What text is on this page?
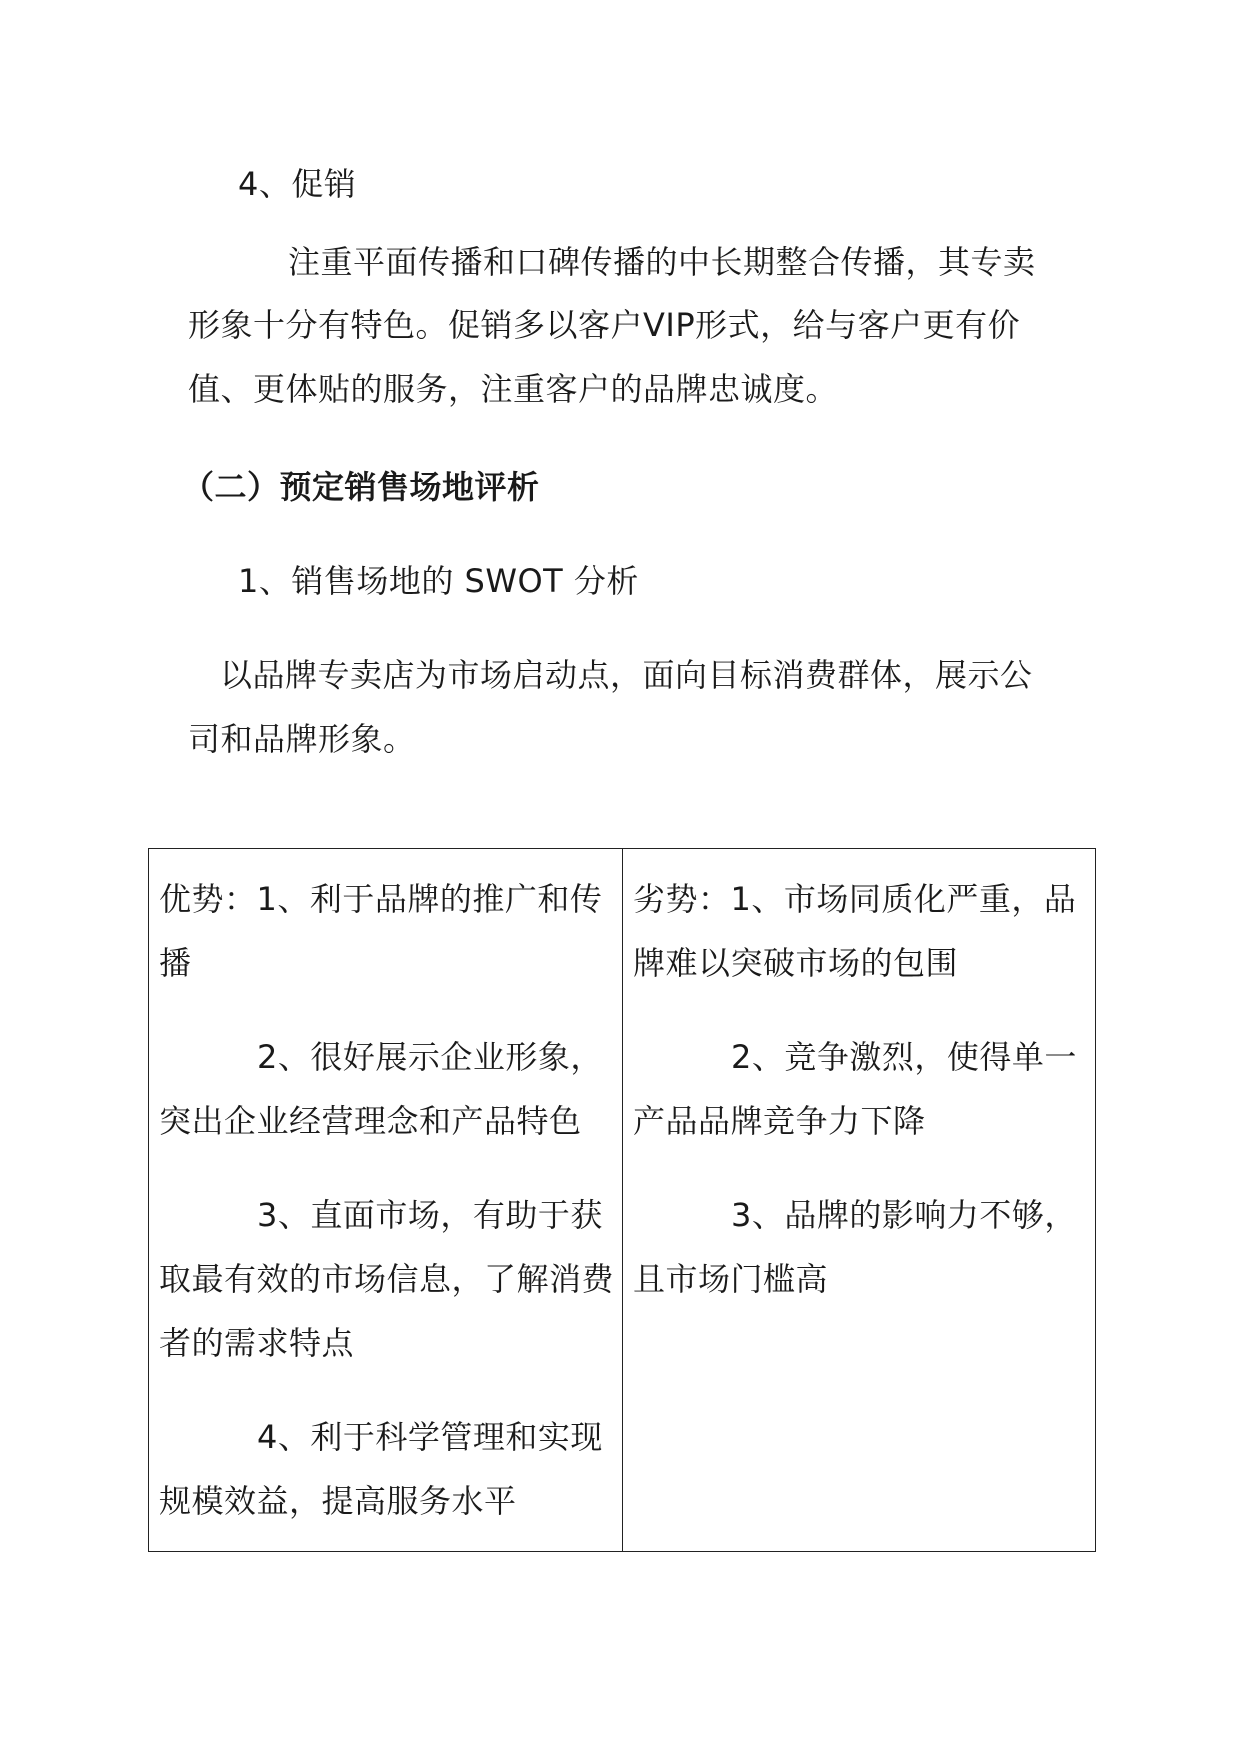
4、促销
注重平面传播和口碑传播的中长期整合传播，其专卖
形象十分有特色。促销多以客户VIP形式，给与客户更有价
值、更体贴的服务，注重客户的品牌忠诚度。
（二）预定销售场地评析
1、销售场地的 SWOT 分析
以品牌专卖店为市场启动点，面向目标消费群体，展示公
司和品牌形象。
优势：1、利于品牌的推广和传
播
2、很好展示企业形象，
突出企业经营理念和产品特色
3、直面市场，有助于获
取最有效的市场信息，了解消费
者的需求特点
4、利于科学管理和实现
规模效益，提高服务水平
劣势：1、市场同质化严重，品
牌难以突破市场的包围
2、竞争激烈，使得单一
产品品牌竞争力下降
3、品牌的影响力不够，
且市场门槛高
